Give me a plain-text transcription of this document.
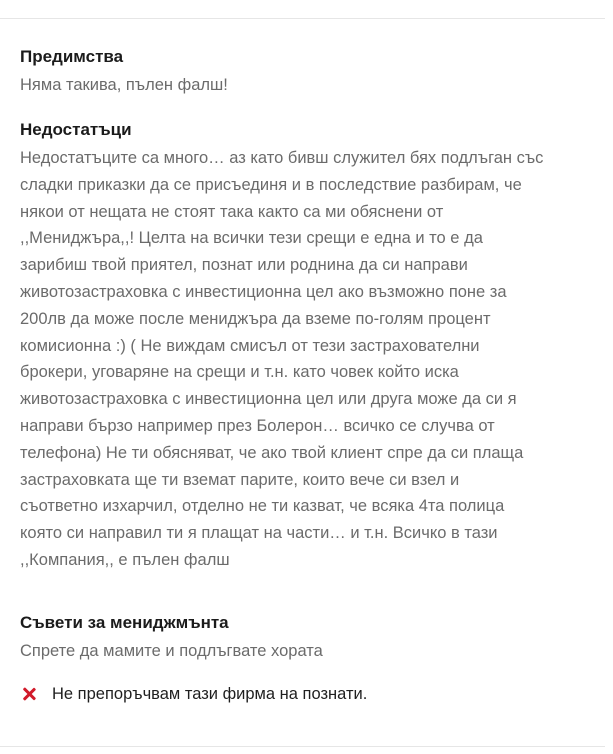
Предимства

Няма такива, пълен фалш!

Недостатъци

Недостатъците са много… аз като бивш служител бях подлъган със
сладки приказки да се присъединя и в последствие разбирам, че
някои от нещата не стоят така както са ми обяснени от
,,Мениджъра,,! Целта на всички тези срещи е една и то е да
зарибиш твой приятел, познат или роднина да си направи
животозастраховка с инвестиционна цел ако възможно поне за
200лв да може после мениджъра да вземе по-голям процент
комисионна :) ( Не виждам смисъл от тези застрахователни
брокери, уговаряне на срещи и т.н. като човек който иска
животозастраховка с инвестиционна цел или друга може да си я
направи бързо например през Болерон… всичко се случва от
телефона) Не ти обясняват, че ако твой клиент спре да си плаща
застраховката ще ти вземат парите, които вече си взел и
съответно изхарчил, отделно не ти казват, че всяка 4та полица
която си направил ти я плащат на части… и т.н. Всичко в тази
,,Компания,, е пълен фалш

Съвети за мениджмънта

Спрете да мамите и подлъгвате хората

Не препоръчвам тази фирма на познати.
